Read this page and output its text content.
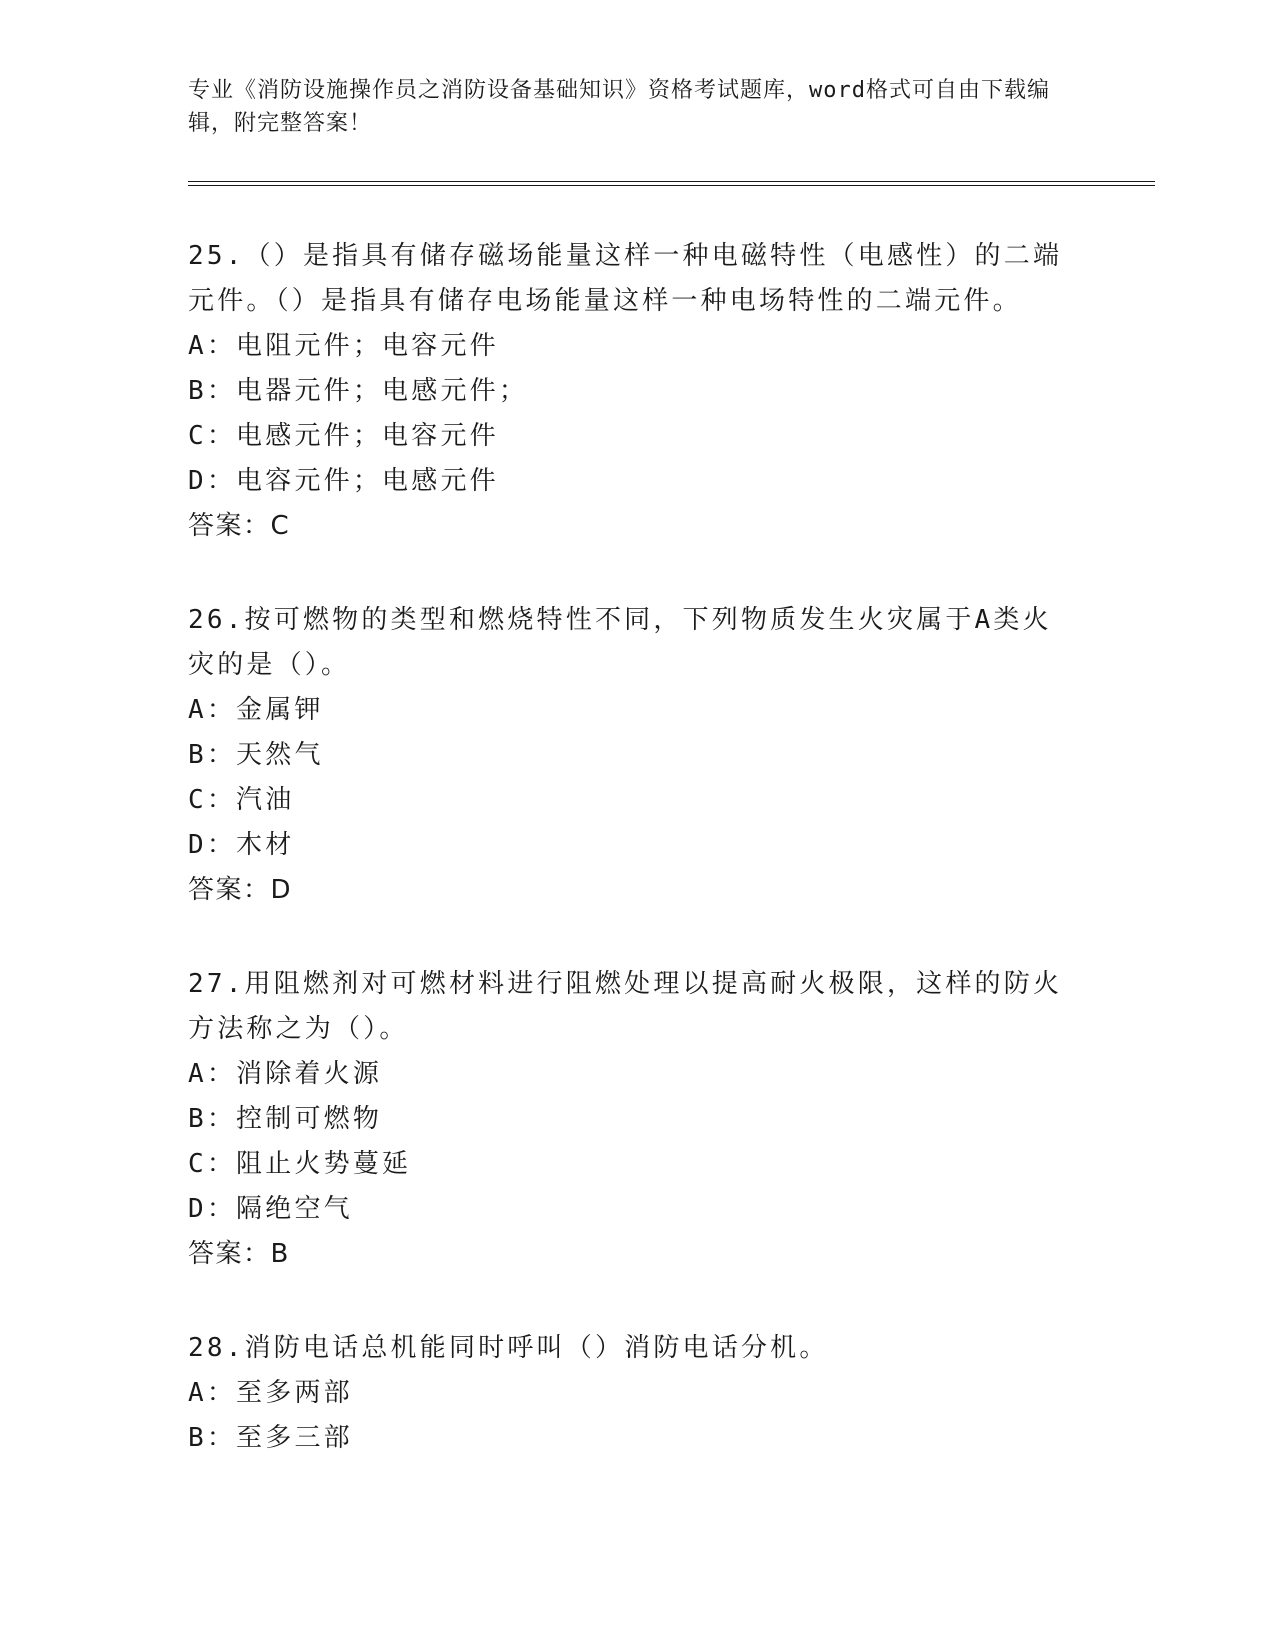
专业《消防设施操作员之消防设备基础知识》资格考试题库，word格式可自由下载编辑，附完整答案！
25.（）是指具有储存磁场能量这样一种电磁特性（电感性）的二端元件。（）是指具有储存电场能量这样一种电场特性的二端元件。
A：电阻元件；电容元件
B：电器元件；电感元件；
C：电感元件；电容元件
D：电容元件；电感元件
答案：C
26.按可燃物的类型和燃烧特性不同，下列物质发生火灾属于A类火灾的是（）。
A：金属钾
B：天然气
C：汽油
D：木材
答案：D
27.用阻燃剂对可燃材料进行阻燃处理以提高耐火极限，这样的防火方法称之为（）。
A：消除着火源
B：控制可燃物
C：阻止火势蔓延
D：隔绝空气
答案：B
28.消防电话总机能同时呼叫（）消防电话分机。
A：至多两部
B：至多三部
